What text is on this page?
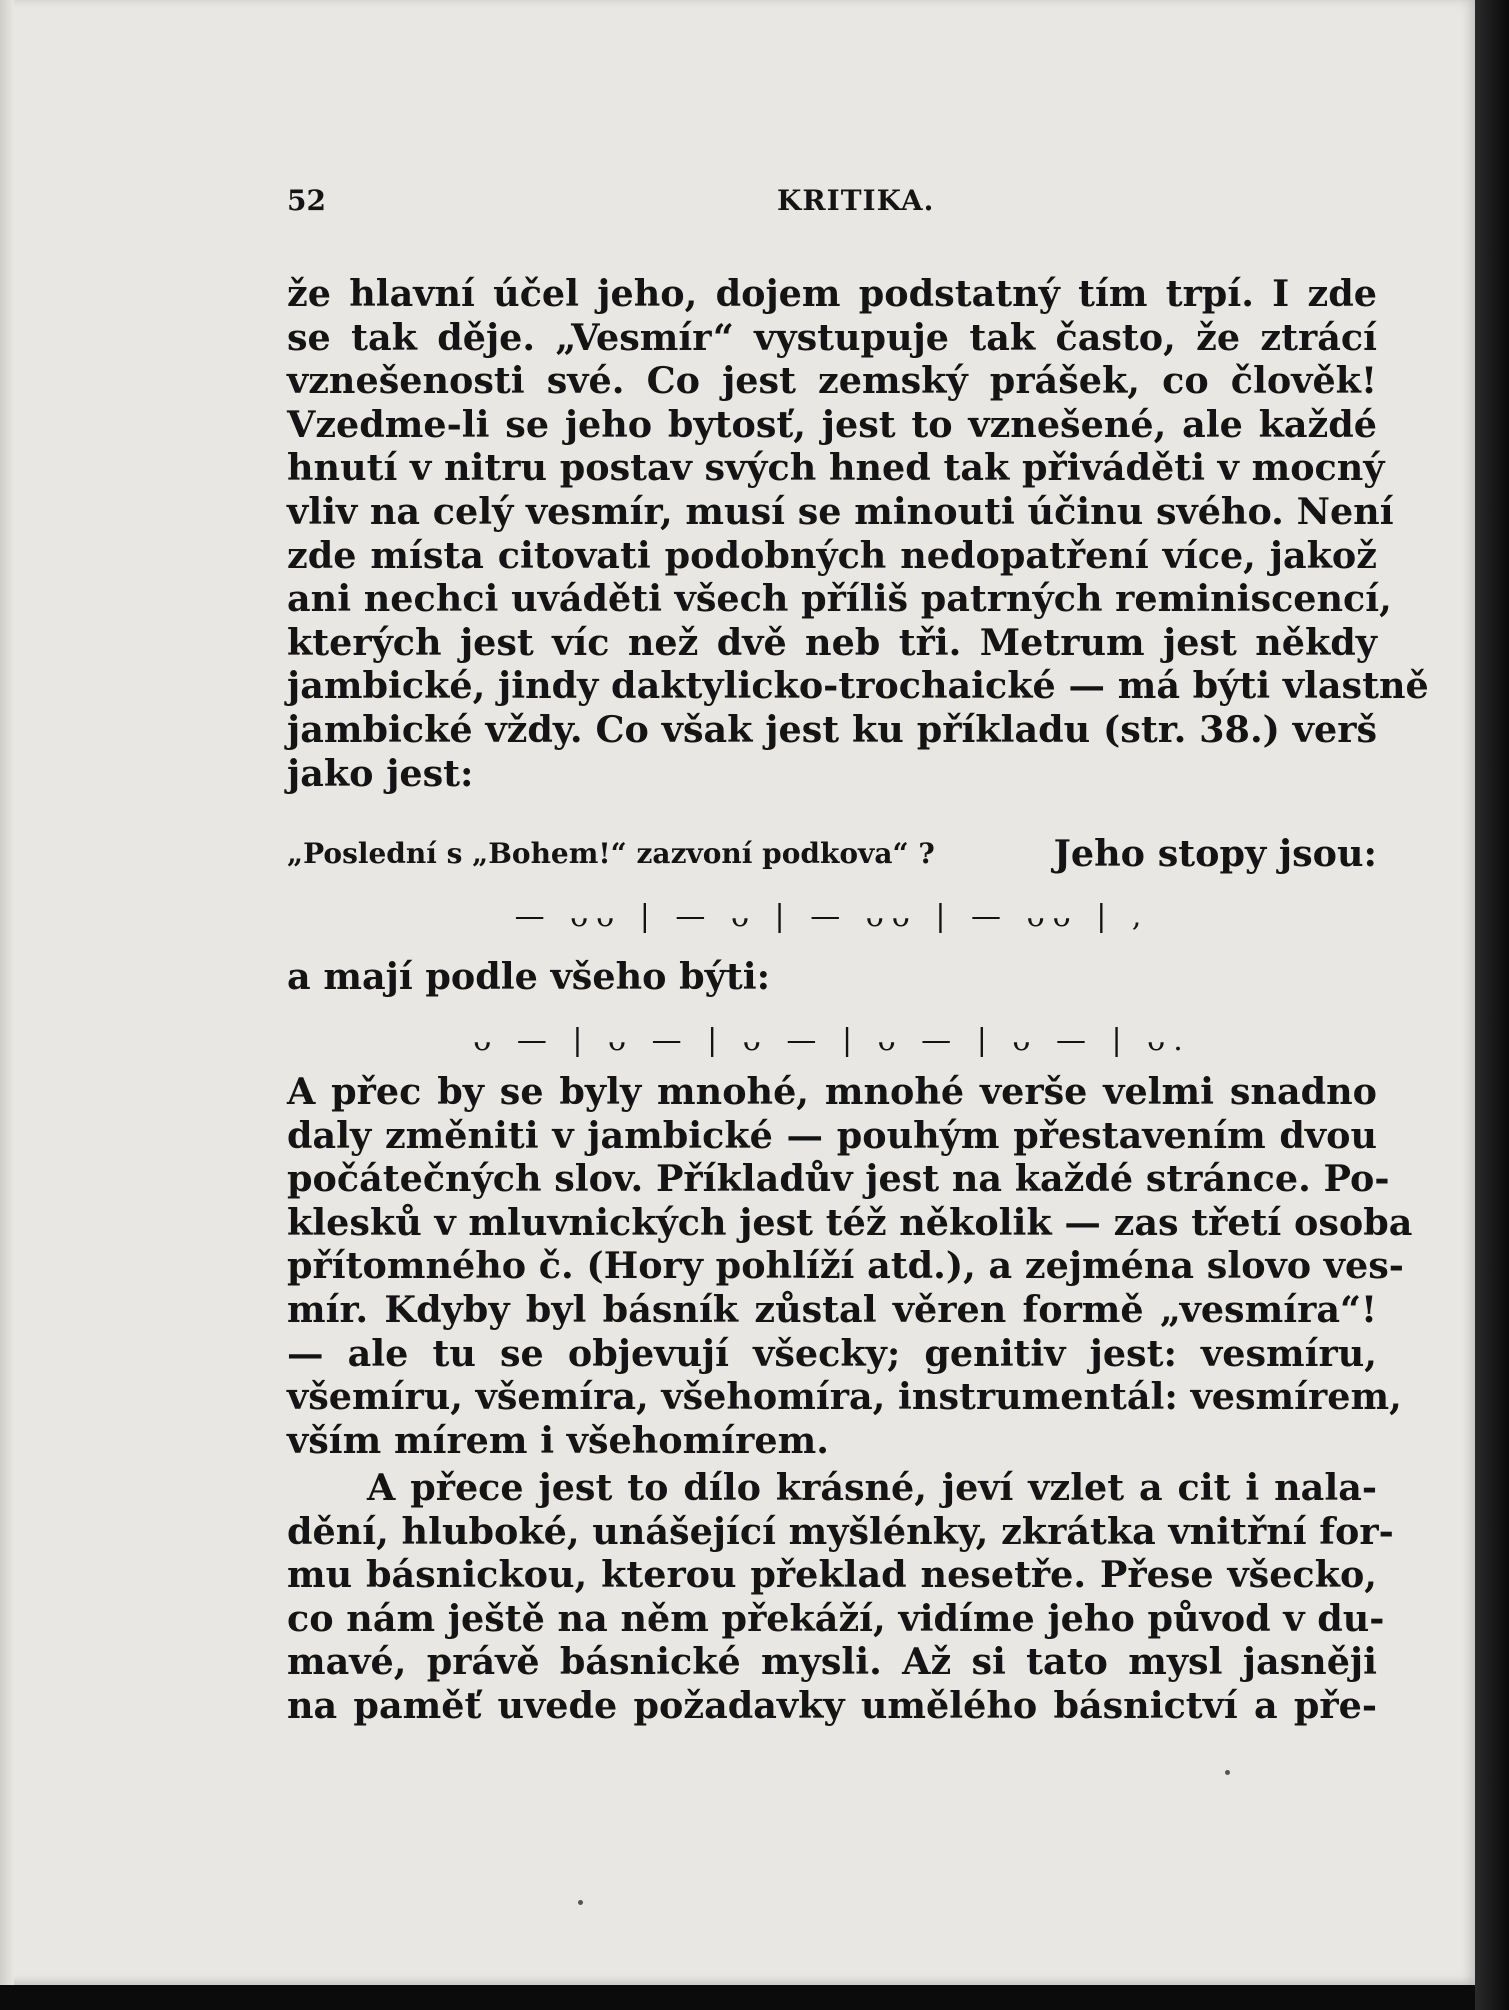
52	KRITIKA.
že hlavní účel jeho, dojem podstatný tím trpí. I zde
se tak děje. „Vesmír“ vystupuje tak často, že ztrácí
vznešenosti své. Co jest zemský prášek, co člověk!
Vzedme-li se jeho bytosť, jest to vznešené, ale každé
hnutí v nitru postav svých hned tak přiváděti v mocný
vliv na celý vesmír, musí se minouti účinu svého. Není
zde místa citovati podobných nedopatření více, jakož
ani nechci uváděti všech příliš patrných reminiscencí,
kterých jest víc než dvě neb tři. Metrum jest někdy
jambické, jindy daktylicko-trochaické — má býti vlastně
jambické vždy. Co však jest ku příkladu (str. 38.) verš
jako jest:
„Poslední s „Bohem!“ zazvoní podkova“ ?	Jeho stopy jsou:
— ᴗᴗ | — ᴗ | — ᴗᴗ | — ᴗᴗ | ,
a mají podle všeho býti:
ᴗ — | ᴗ — | ᴗ — | ᴗ — | ᴗ — | ᴗ.
A přec by se byly mnohé, mnohé verše velmi snadno
daly změniti v jambické — pouhým přestavením dvou
počátečných slov. Příkladův jest na každé stránce. Po-
klesků v mluvnických jest též několik — zas třetí osoba
přítomného č. (Hory pohlíží atd.), a zejména slovo ves-
mír. Kdyby byl básník zůstal věren formě „vesmíra“!
— ale tu se objevují všecky; genitiv jest: vesmíru,
všemíru, všemíra, všehomíra, instrumentál: vesmírem,
vším mírem i všehomírem.
A přece jest to dílo krásné, jeví vzlet a cit i nala-
dění, hluboké, unášející myšlénky, zkrátka vnitřní for-
mu básnickou, kterou překlad nesetře. Přese všecko,
co nám ještě na něm překáží, vidíme jeho původ v du-
mavé, právě básnické mysli. Až si tato mysl jasněji
na paměť uvede požadavky umělého básnictví a pře-
